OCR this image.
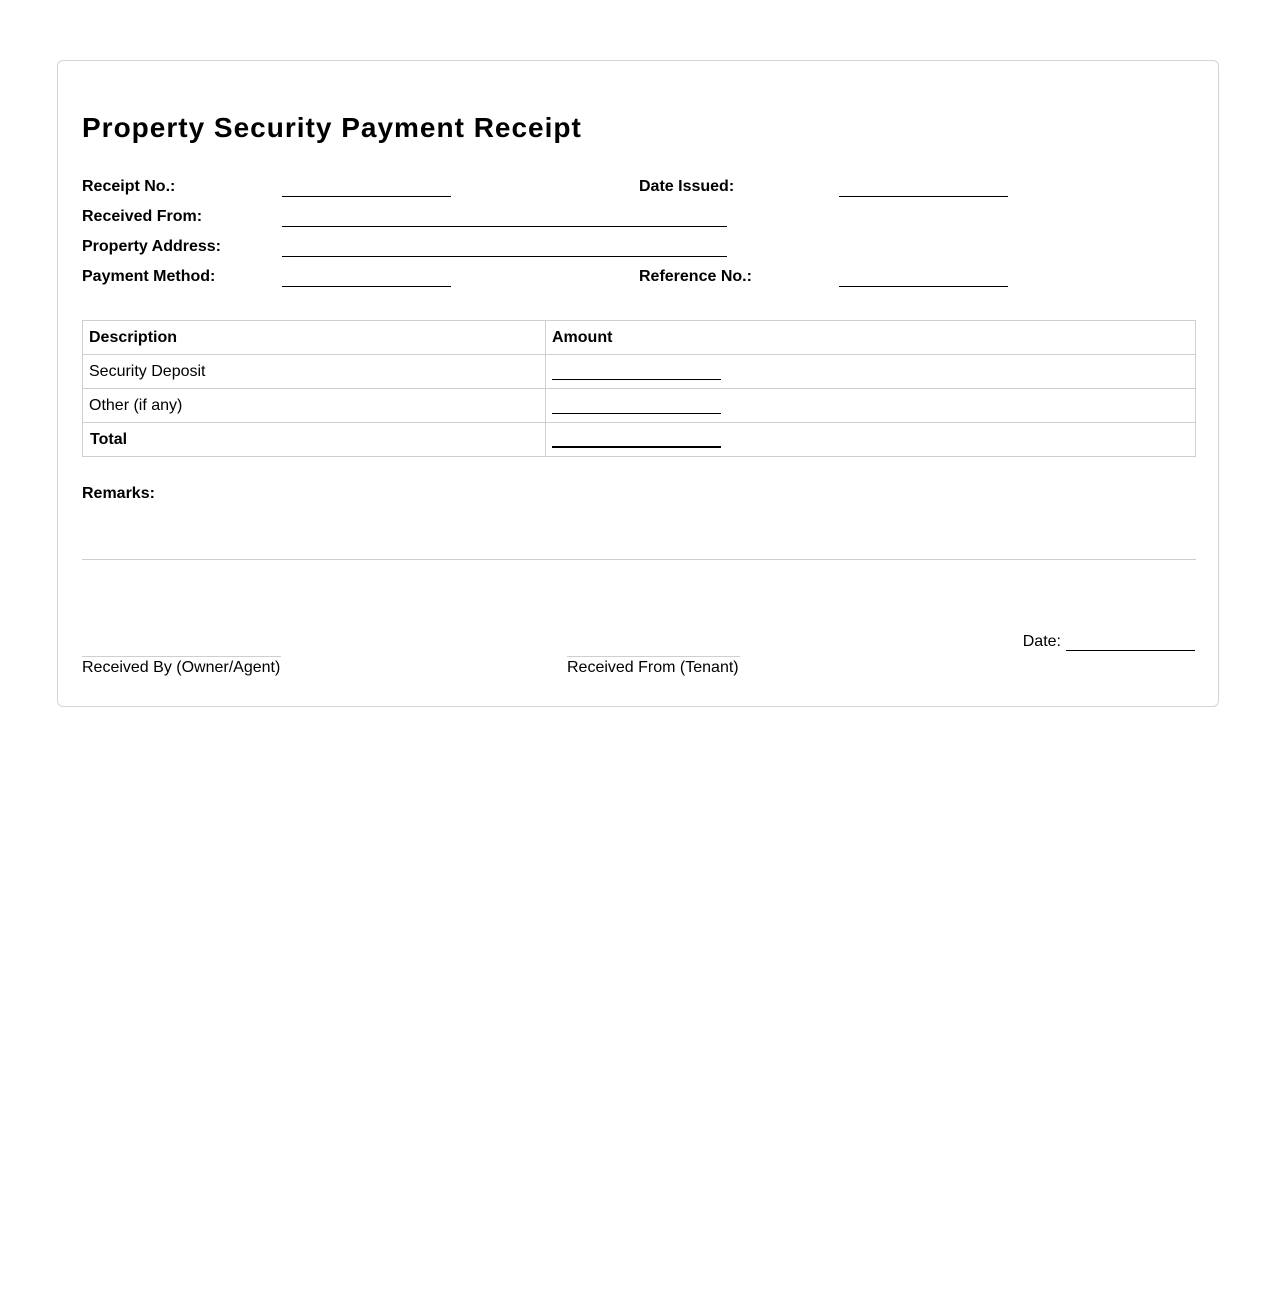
Property Security Payment Receipt
Receipt No.:	Date Issued:
Received From:
Property Address:
Payment Method:	Reference No.:
Description	Amount
Security Deposit	
Other (if any)	
Total	
Remarks:
Received By (Owner/Agent)	Received From (Tenant)
Date:
